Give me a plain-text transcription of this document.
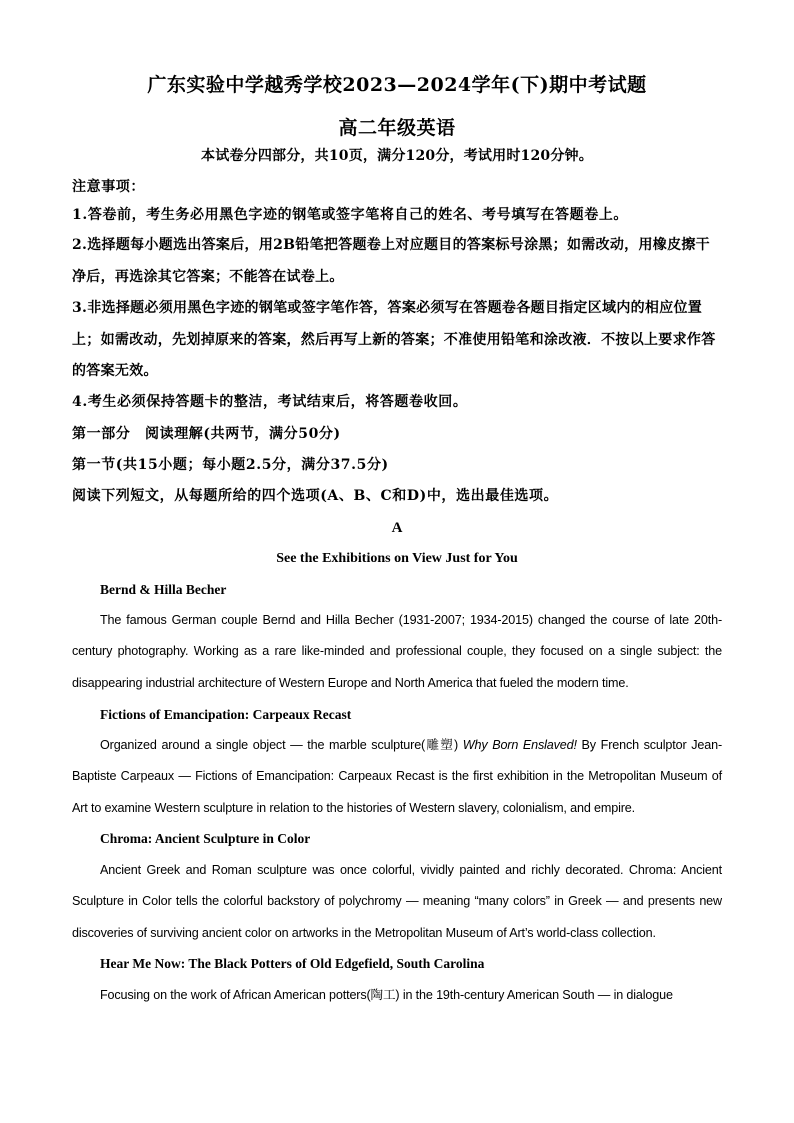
广东实验中学越秀学校2023—2024学年(下)期中考试题
高二年级英语
本试卷分四部分，共10页，满分120分，考试用时120分钟。
注意事项：
1.答卷前，考生务必用黑色字迹的钢笔或签字笔将自己的姓名、考号填写在答题卷上。
2.选择题每小题选出答案后，用2B铅笔把答题卷上对应题目的答案标号涂黑；如需改动，用橡皮擦干净后，再选涂其它答案；不能答在试卷上。
3.非选择题必须用黑色字迹的钢笔或签字笔作答，答案必须写在答题卷各题目指定区域内的相应位置上；如需改动，先划掉原来的答案，然后再写上新的答案；不准使用铅笔和涂改液．不按以上要求作答的答案无效。
4.考生必须保持答题卡的整洁，考试结束后，将答题卷收回。
第一部分　阅读理解(共两节，满分50分)
第一节(共15小题；每小题2.5分，满分37.5分)
阅读下列短文，从每题所给的四个选项(A、B、C和D)中，选出最佳选项。
A
See the Exhibitions on View Just for You
Bernd & Hilla Becher
The famous German couple Bernd and Hilla Becher (1931-2007; 1934-2015) changed the course of late 20th-century photography. Working as a rare like-minded and professional couple, they focused on a single subject: the disappearing industrial architecture of Western Europe and North America that fueled the modern time.
Fictions of Emancipation: Carpeaux Recast
Organized around a single object — the marble sculpture(雕塑) Why Born Enslaved! By French sculptor Jean-Baptiste Carpeaux — Fictions of Emancipation: Carpeaux Recast is the first exhibition in the Metropolitan Museum of Art to examine Western sculpture in relation to the histories of Western slavery, colonialism, and empire.
Chroma: Ancient Sculpture in Color
Ancient Greek and Roman sculpture was once colorful, vividly painted and richly decorated. Chroma: Ancient Sculpture in Color tells the colorful backstory of polychromy — meaning “many colors” in Greek — and presents new discoveries of surviving ancient color on artworks in the Metropolitan Museum of Art’s world-class collection.
Hear Me Now: The Black Potters of Old Edgefield, South Carolina
Focusing on the work of African American potters(陶工) in the 19th-century American South — in dialogue
